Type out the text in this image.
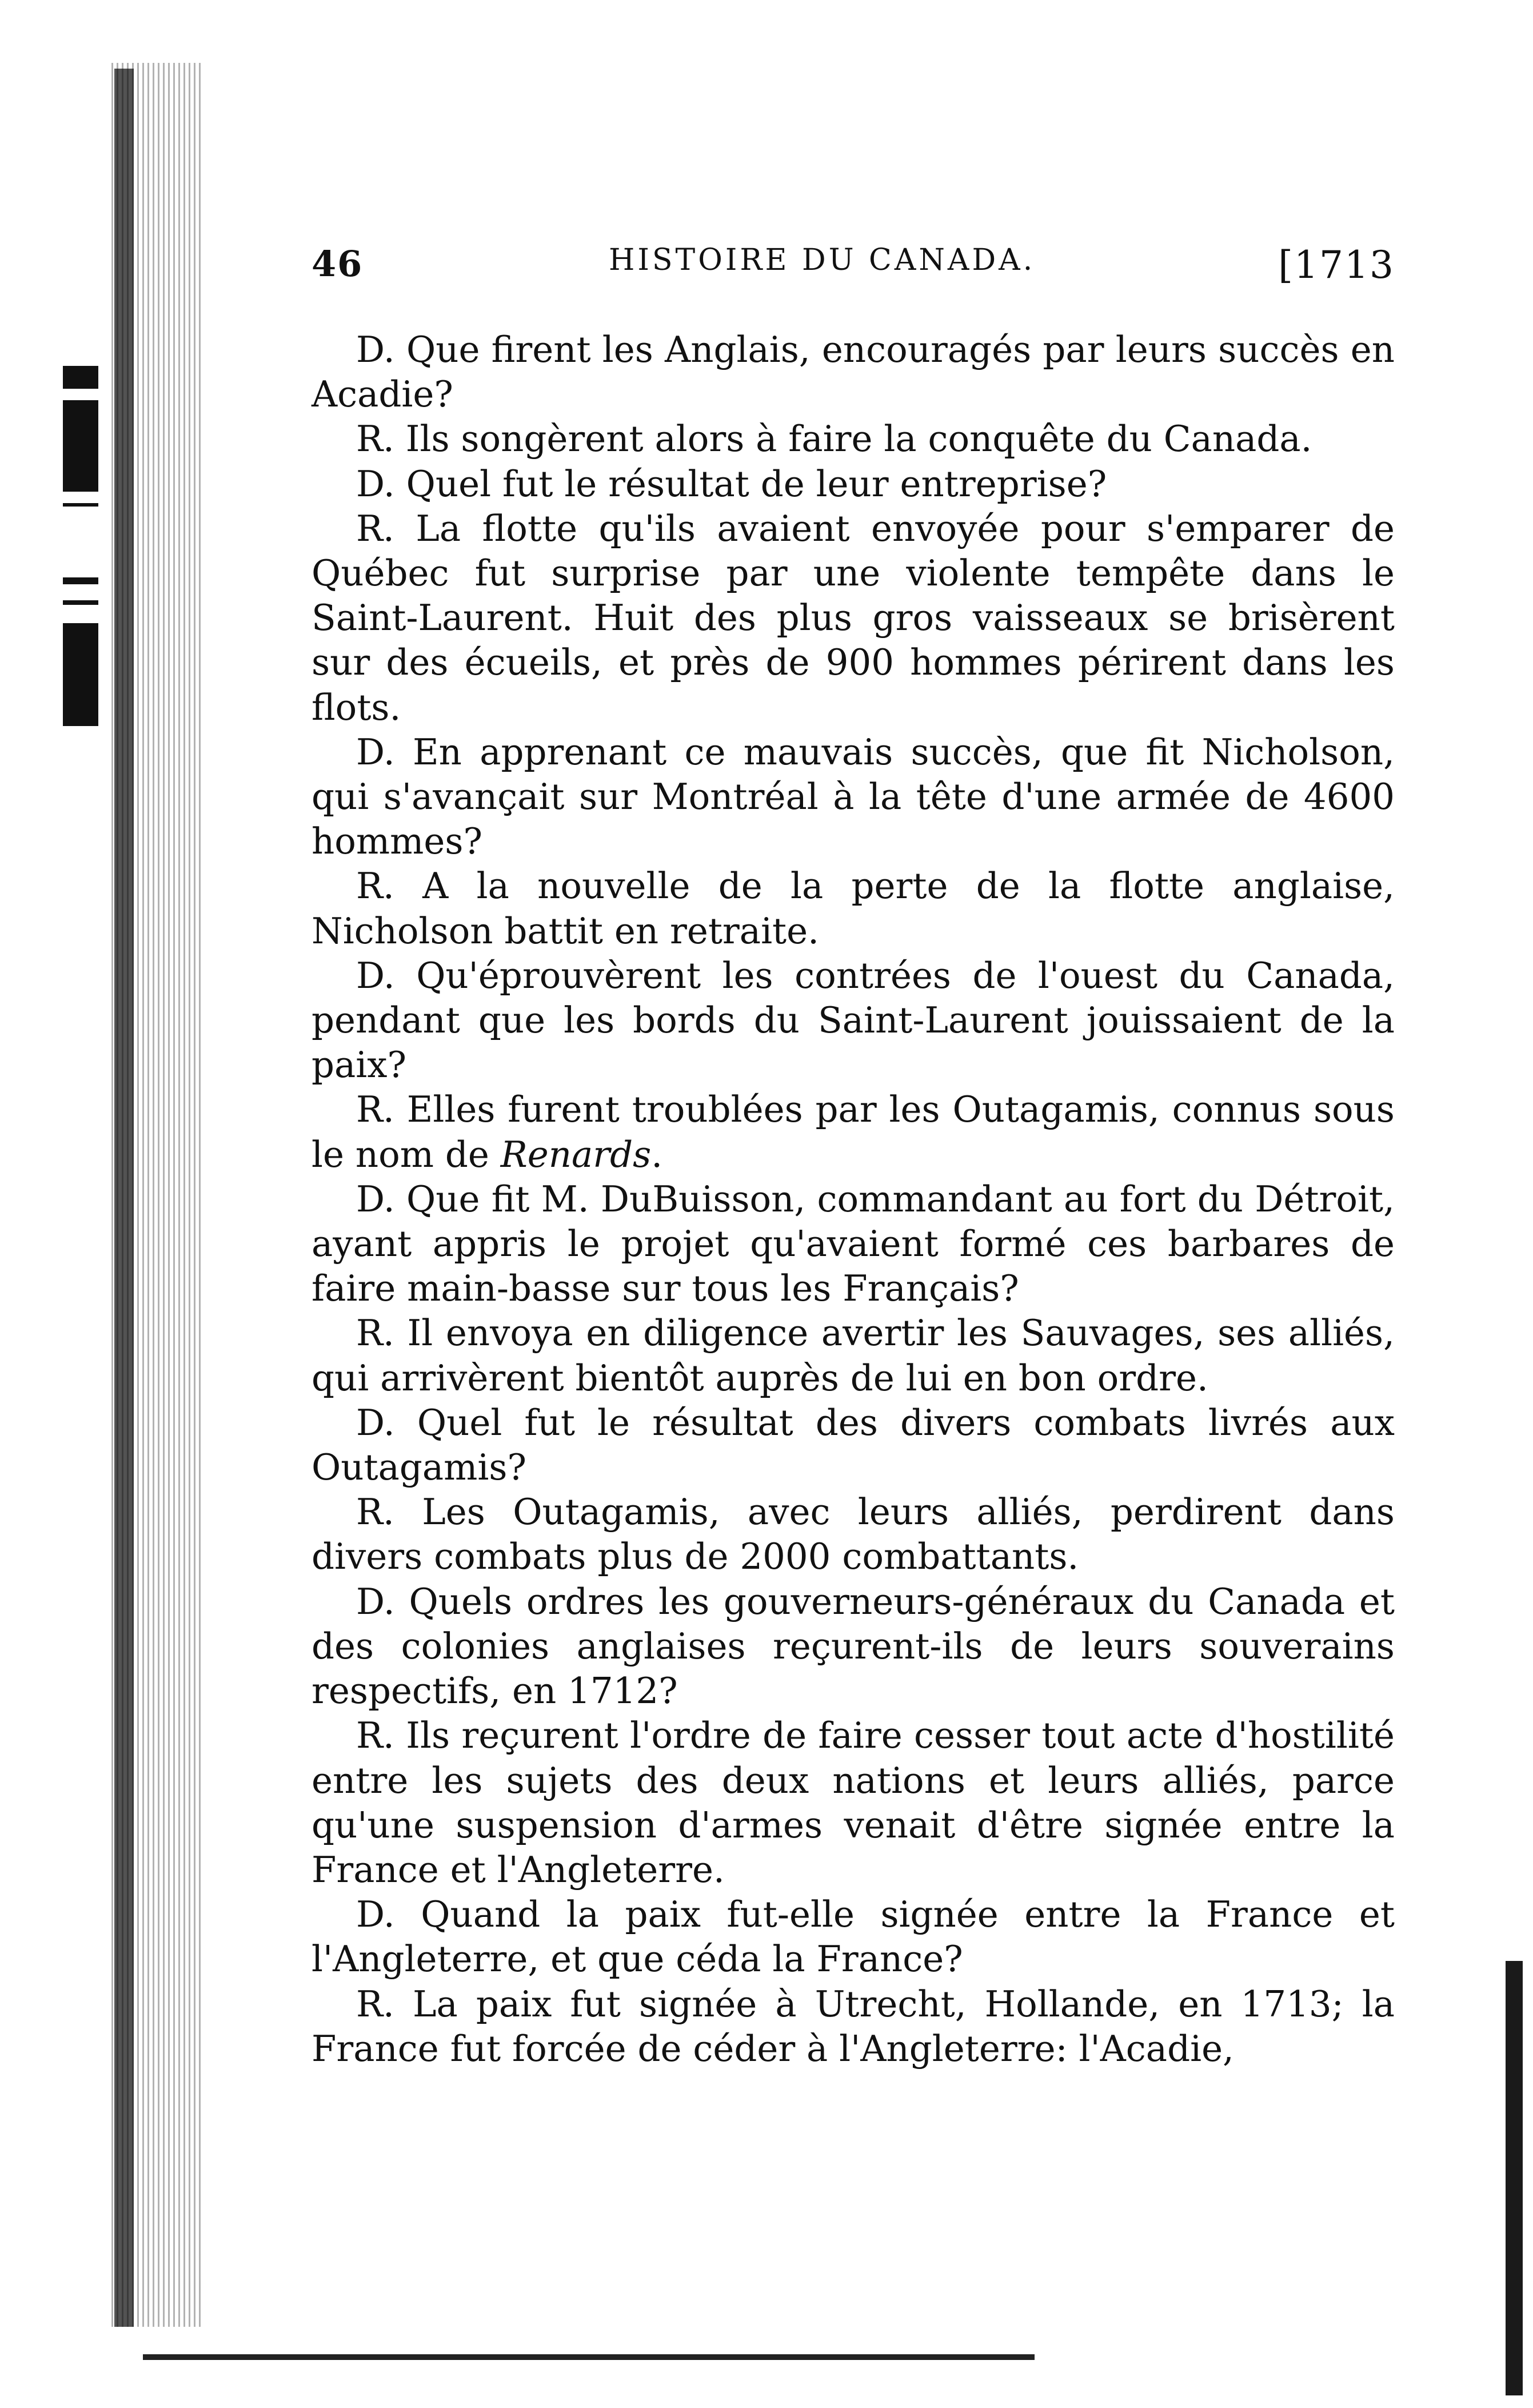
46	HISTOIRE DU CANADA.	[1713

D. Que firent les Anglais, encouragés par leurs succès en Acadie?

R. Ils songèrent alors à faire la conquête du Canada.

D. Quel fut le résultat de leur entreprise?

R. La flotte qu'ils avaient envoyée pour s'emparer de Québec fut surprise par une violente tempête dans le Saint-Laurent. Huit des plus gros vaisseaux se brisèrent sur des écueils, et près de 900 hommes périrent dans les flots.

D. En apprenant ce mauvais succès, que fit Nicholson, qui s'avançait sur Montréal à la tête d'une armée de 4600 hommes?

R. A la nouvelle de la perte de la flotte anglaise, Nicholson battit en retraite.

D. Qu'éprouvèrent les contrées de l'ouest du Canada, pendant que les bords du Saint-Laurent jouissaient de la paix?

R. Elles furent troublées par les Outagamis, connus sous le nom de Renards.

D. Que fit M. DuBuisson, commandant au fort du Détroit, ayant appris le projet qu'avaient formé ces barbares de faire main-basse sur tous les Français?

R. Il envoya en diligence avertir les Sauvages, ses alliés, qui arrivèrent bientôt auprès de lui en bon ordre.

D. Quel fut le résultat des divers combats livrés aux Outagamis?

R. Les Outagamis, avec leurs alliés, perdirent dans divers combats plus de 2000 combattants.

D. Quels ordres les gouverneurs-généraux du Canada et des colonies anglaises reçurent-ils de leurs souverains respectifs, en 1712?

R. Ils reçurent l'ordre de faire cesser tout acte d'hostilité entre les sujets des deux nations et leurs alliés, parce qu'une suspension d'armes venait d'être signée entre la France et l'Angleterre.

D. Quand la paix fut-elle signée entre la France et l'Angleterre, et que céda la France?

R. La paix fut signée à Utrecht, Hollande, en 1713; la France fut forcée de céder à l'Angleterre: l'Acadie,
